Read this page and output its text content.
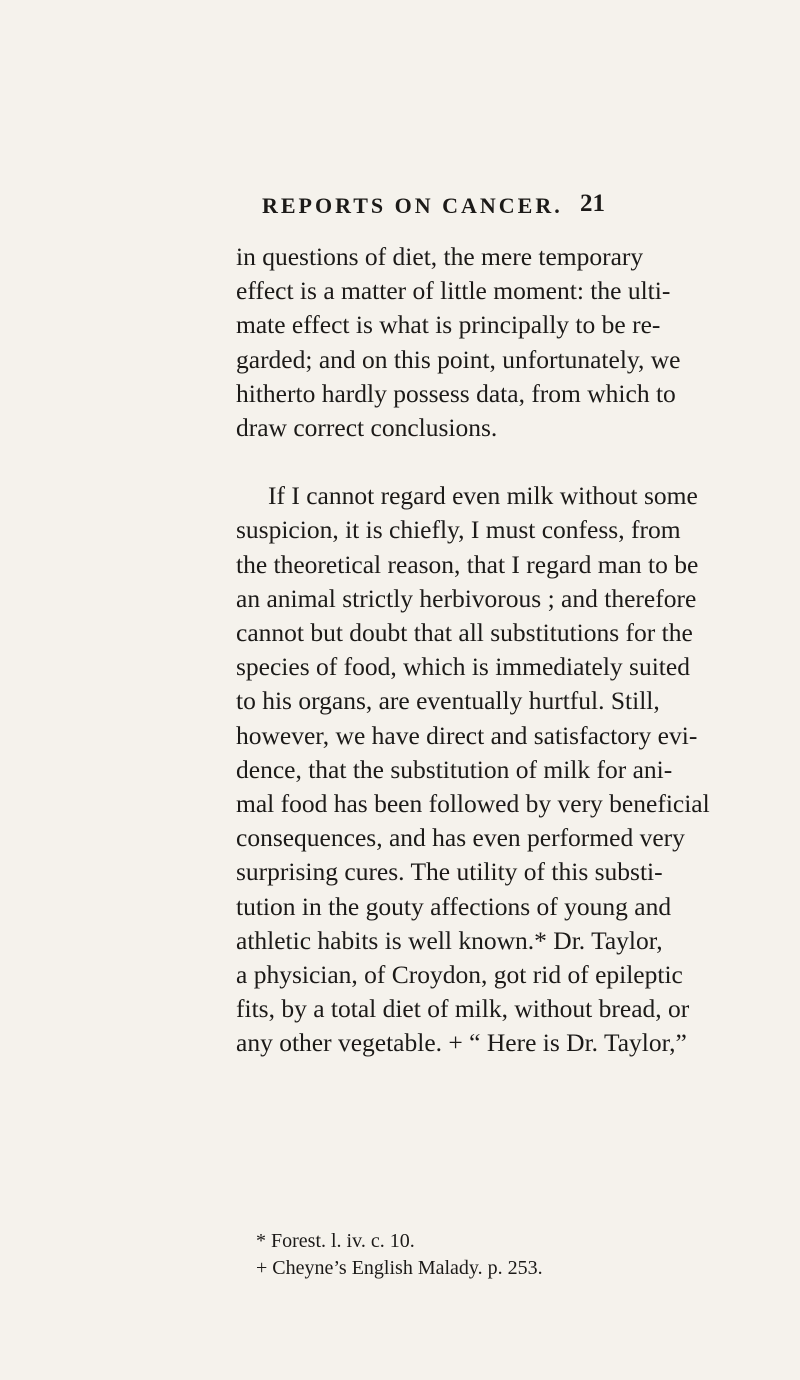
REPORTS ON CANCER. 21
in questions of diet, the mere temporary
effect is a matter of little moment: the ulti-
mate effect is what is principally to be re-
garded; and on this point, unfortunately, we
hitherto hardly possess data, from which to
draw correct conclusions.
If I cannot regard even milk without some
suspicion, it is chiefly, I must confess, from
the theoretical reason, that I regard man to be
an animal strictly herbivorous ; and therefore
cannot but doubt that all substitutions for the
species of food, which is immediately suited
to his organs, are eventually hurtful. Still,
however, we have direct and satisfactory evi-
dence, that the substitution of milk for ani-
mal food has been followed by very beneficial
consequences, and has even performed very
surprising cures. The utility of this substi-
tution in the gouty affections of young and
athletic habits is well known.* Dr. Taylor,
a physician, of Croydon, got rid of epileptic
fits, by a total diet of milk, without bread, or
any other vegetable. + “ Here is Dr. Taylor,”
* Forest. l. iv. c. 10.
+ Cheyne’s English Malady. p. 253.
